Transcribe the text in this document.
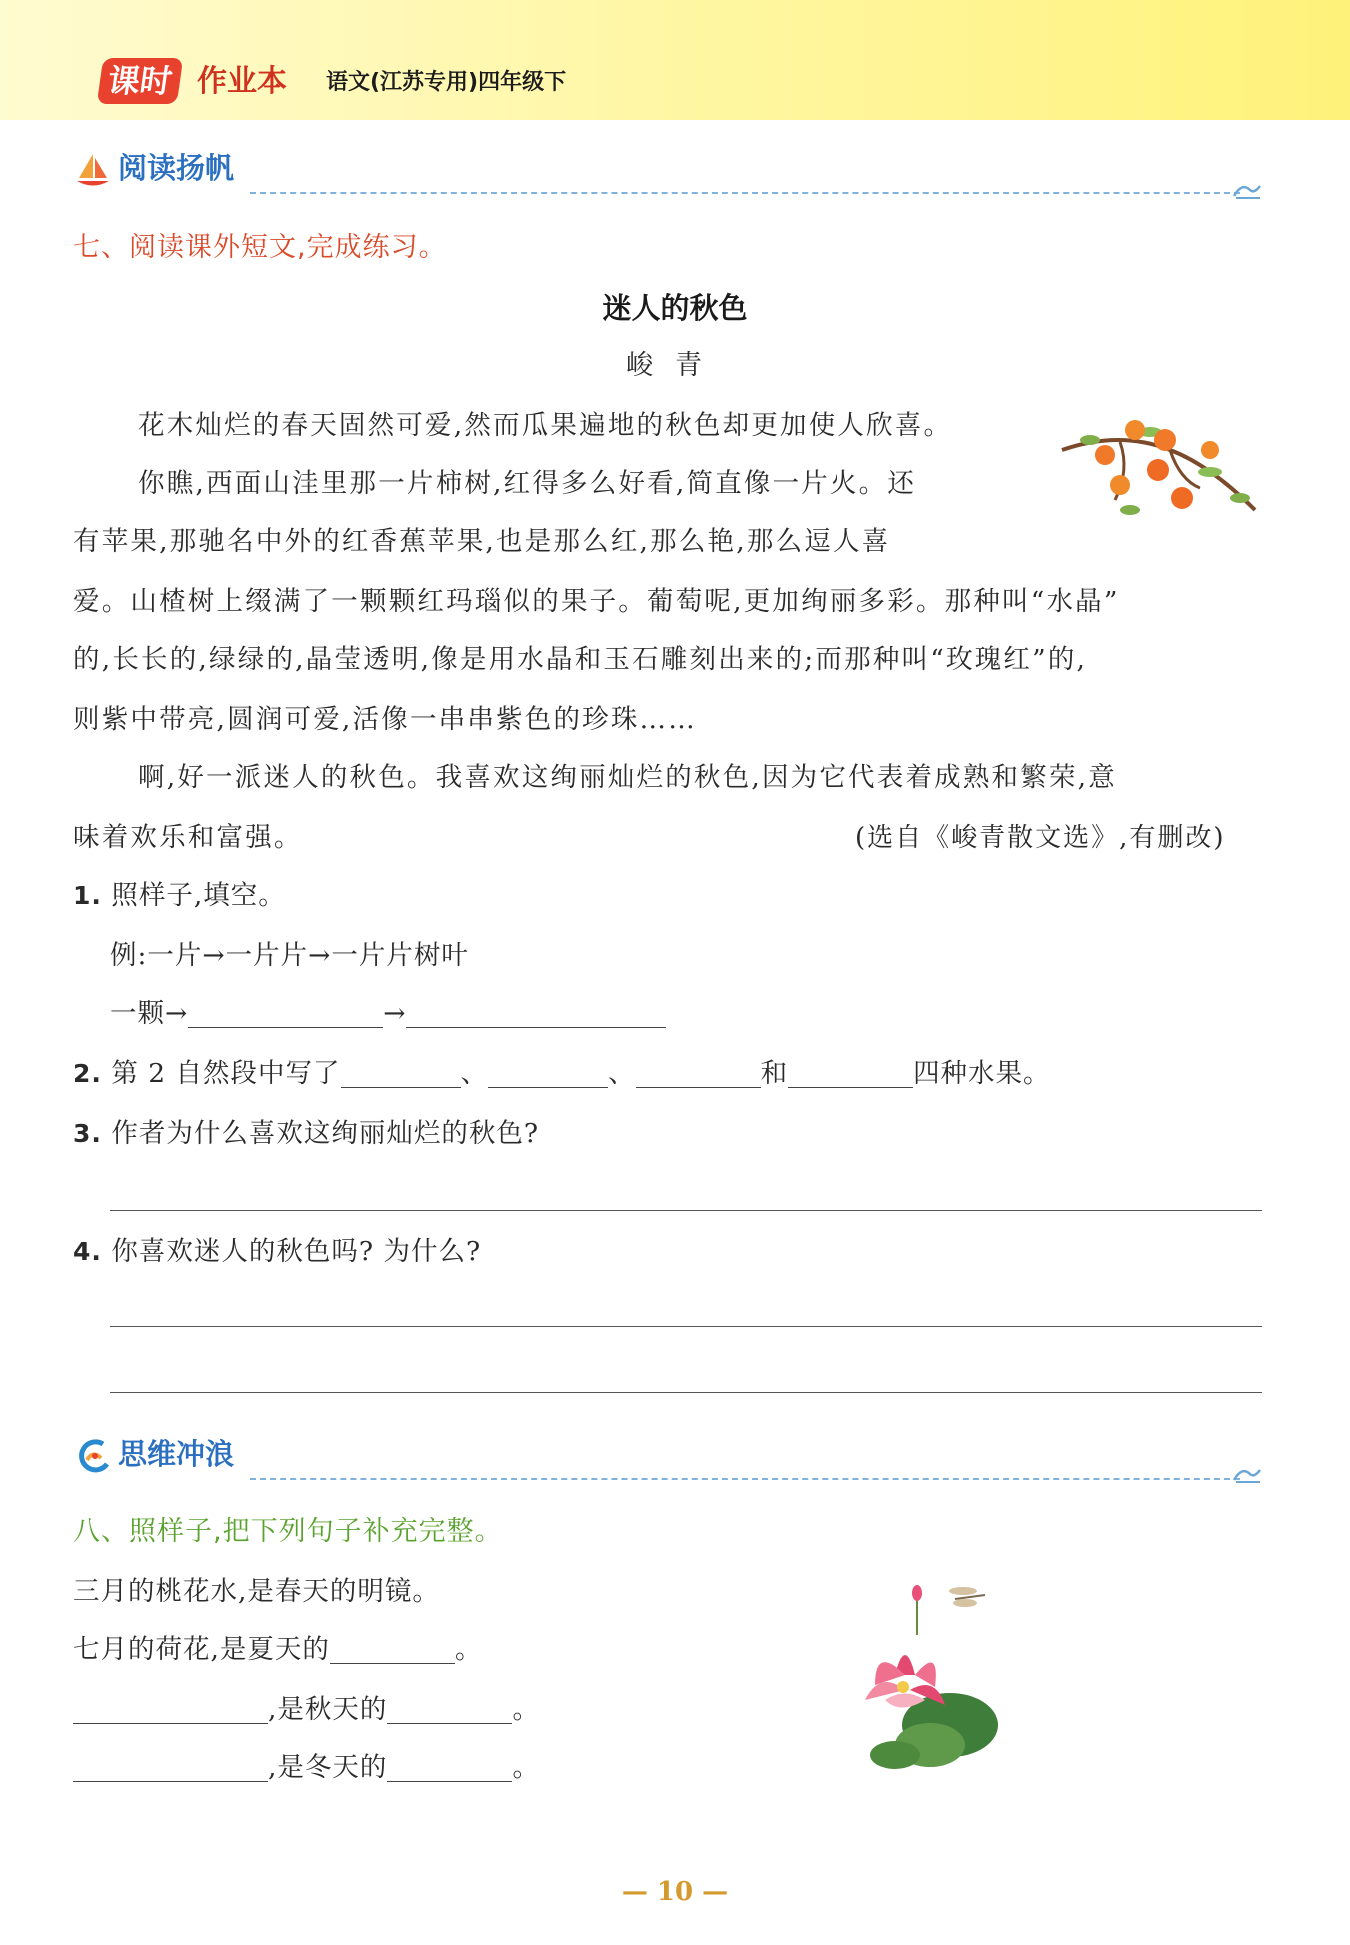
课时 作业本 语文(江苏专用)四年级下
阅读扬帆
七、阅读课外短文,完成练习。
迷人的秋色
峻青
花木灿烂的春天固然可爱,然而瓜果遍地的秋色却更加使人欣喜。
你瞧,西面山洼里那一片柿树,红得多么好看,简直像一片火。还
有苹果,那驰名中外的红香蕉苹果,也是那么红,那么艳,那么逗人喜
爱。山楂树上缀满了一颗颗红玛瑙似的果子。葡萄呢,更加绚丽多彩。那种叫“水晶”
的,长长的,绿绿的,晶莹透明,像是用水晶和玉石雕刻出来的;而那种叫“玫瑰红”的,
则紫中带亮,圆润可爱,活像一串串紫色的珍珠……
啊,好一派迷人的秋色。我喜欢这绚丽灿烂的秋色,因为它代表着成熟和繁荣,意
味着欢乐和富强。	(选自《峻青散文选》,有删改)
1. 照样子,填空。
例:一片→一片片→一片片树叶
一颗→	→
2. 第 2 自然段中写了	、	、	和	四种水果。
3. 作者为什么喜欢这绚丽灿烂的秋色?
4. 你喜欢迷人的秋色吗? 为什么?
思维冲浪
八、照样子,把下列句子补充完整。
三月的桃花水,是春天的明镜。
七月的荷花,是夏天的	。
,是秋天的	。
,是冬天的	。
— 10 —
